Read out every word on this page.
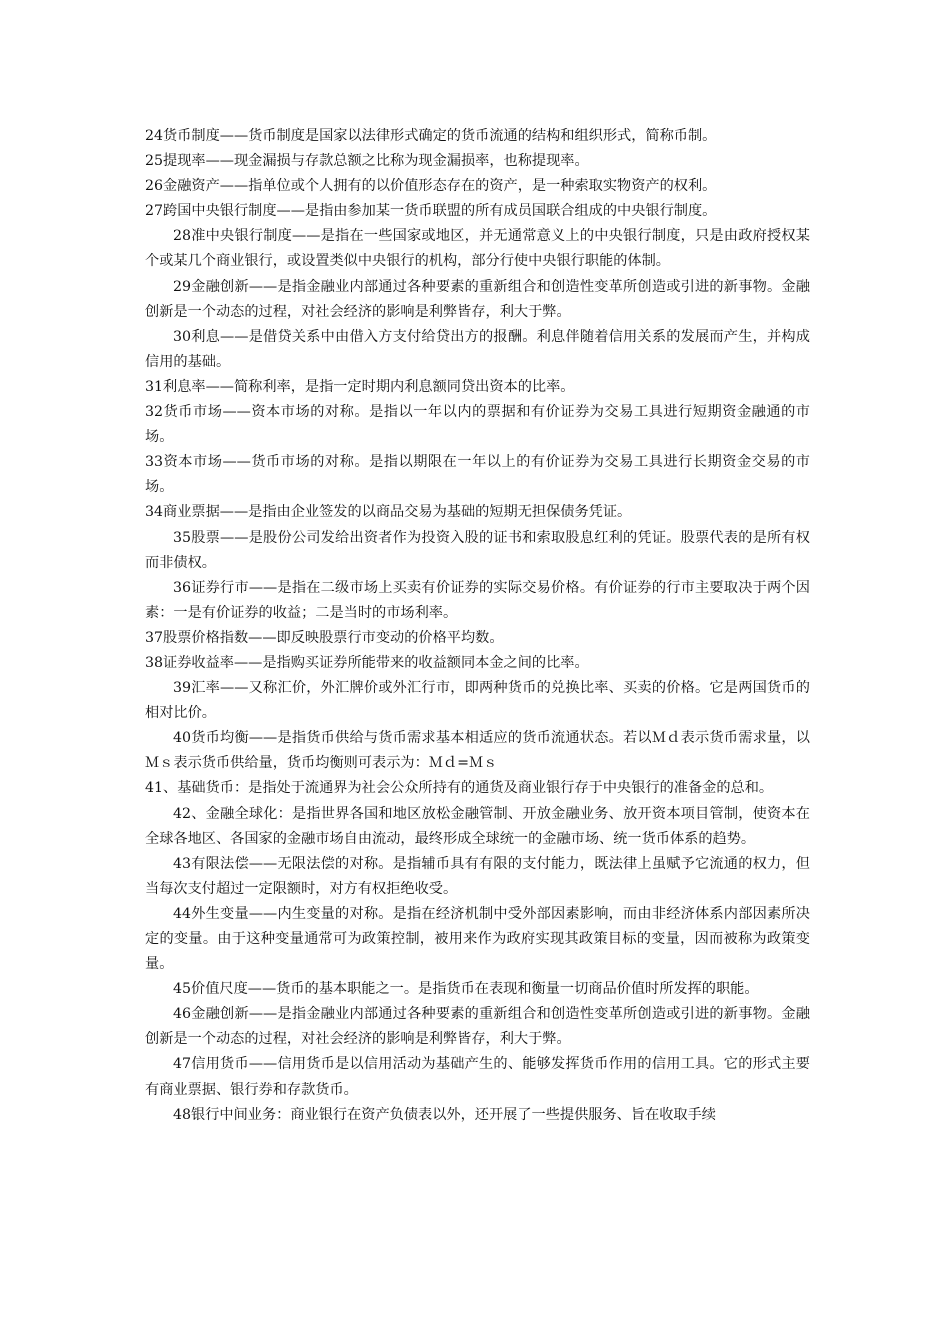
24货币制度——货币制度是国家以法律形式确定的货币流通的结构和组织形式，简称币制。

25提现率——现金漏损与存款总额之比称为现金漏损率，也称提现率。

26金融资产——指单位或个人拥有的以价值形态存在的资产，是一种索取实物资产的权利。

27跨国中央银行制度——是指由参加某一货币联盟的所有成员国联合组成的中央银行制度。

28准中央银行制度——是指在一些国家或地区，并无通常意义上的中央银行制度，只是由政府授权某个或某几个商业银行，或设置类似中央银行的机构，部分行使中央银行职能的体制。

29金融创新——是指金融业内部通过各种要素的重新组合和创造性变革所创造或引进的新事物。金融创新是一个动态的过程，对社会经济的影响是利弊皆存，利大于弊。

30利息——是借贷关系中由借入方支付给贷出方的报酬。利息伴随着信用关系的发展而产生，并构成信用的基础。

31利息率——简称利率，是指一定时期内利息额同贷出资本的比率。

32货币市场——资本市场的对称。是指以一年以内的票据和有价证券为交易工具进行短期资金融通的市场。

33资本市场——货币市场的对称。是指以期限在一年以上的有价证券为交易工具进行长期资金交易的市场。

34商业票据——是指由企业签发的以商品交易为基础的短期无担保债务凭证。

35股票——是股份公司发给出资者作为投资入股的证书和索取股息红利的凭证。股票代表的是所有权而非债权。

36证券行市——是指在二级市场上买卖有价证券的实际交易价格。有价证券的行市主要取决于两个因素：一是有价证券的收益；二是当时的市场利率。

37股票价格指数——即反映股票行市变动的价格平均数。

38证券收益率——是指购买证券所能带来的收益额同本金之间的比率。

39汇率——又称汇价，外汇牌价或外汇行市，即两种货币的兑换比率、买卖的价格。它是两国货币的相对比价。

40货币均衡——是指货币供给与货币需求基本相适应的货币流通状态。若以Ｍｄ表示货币需求量，以Ｍｓ表示货币供给量，货币均衡则可表示为：Ｍｄ=Ｍｓ

41、基础货币：是指处于流通界为社会公众所持有的通货及商业银行存于中央银行的准备金的总和。

42、金融全球化：是指世界各国和地区放松金融管制、开放金融业务、放开资本项目管制，使资本在全球各地区、各国家的金融市场自由流动，最终形成全球统一的金融市场、统一货币体系的趋势。

43有限法偿——无限法偿的对称。是指辅币具有有限的支付能力，既法律上虽赋予它流通的权力，但当每次支付超过一定限额时，对方有权拒绝收受。

44外生变量——内生变量的对称。是指在经济机制中受外部因素影响，而由非经济体系内部因素所决定的变量。由于这种变量通常可为政策控制，被用来作为政府实现其政策目标的变量，因而被称为政策变量。

45价值尺度——货币的基本职能之一。是指货币在表现和衡量一切商品价值时所发挥的职能。

46金融创新——是指金融业内部通过各种要素的重新组合和创造性变革所创造或引进的新事物。金融创新是一个动态的过程，对社会经济的影响是利弊皆存，利大于弊。

47信用货币——信用货币是以信用活动为基础产生的、能够发挥货币作用的信用工具。它的形式主要有商业票据、银行券和存款货币。

48银行中间业务：商业银行在资产负债表以外，还开展了一些提供服务、旨在收取手续
